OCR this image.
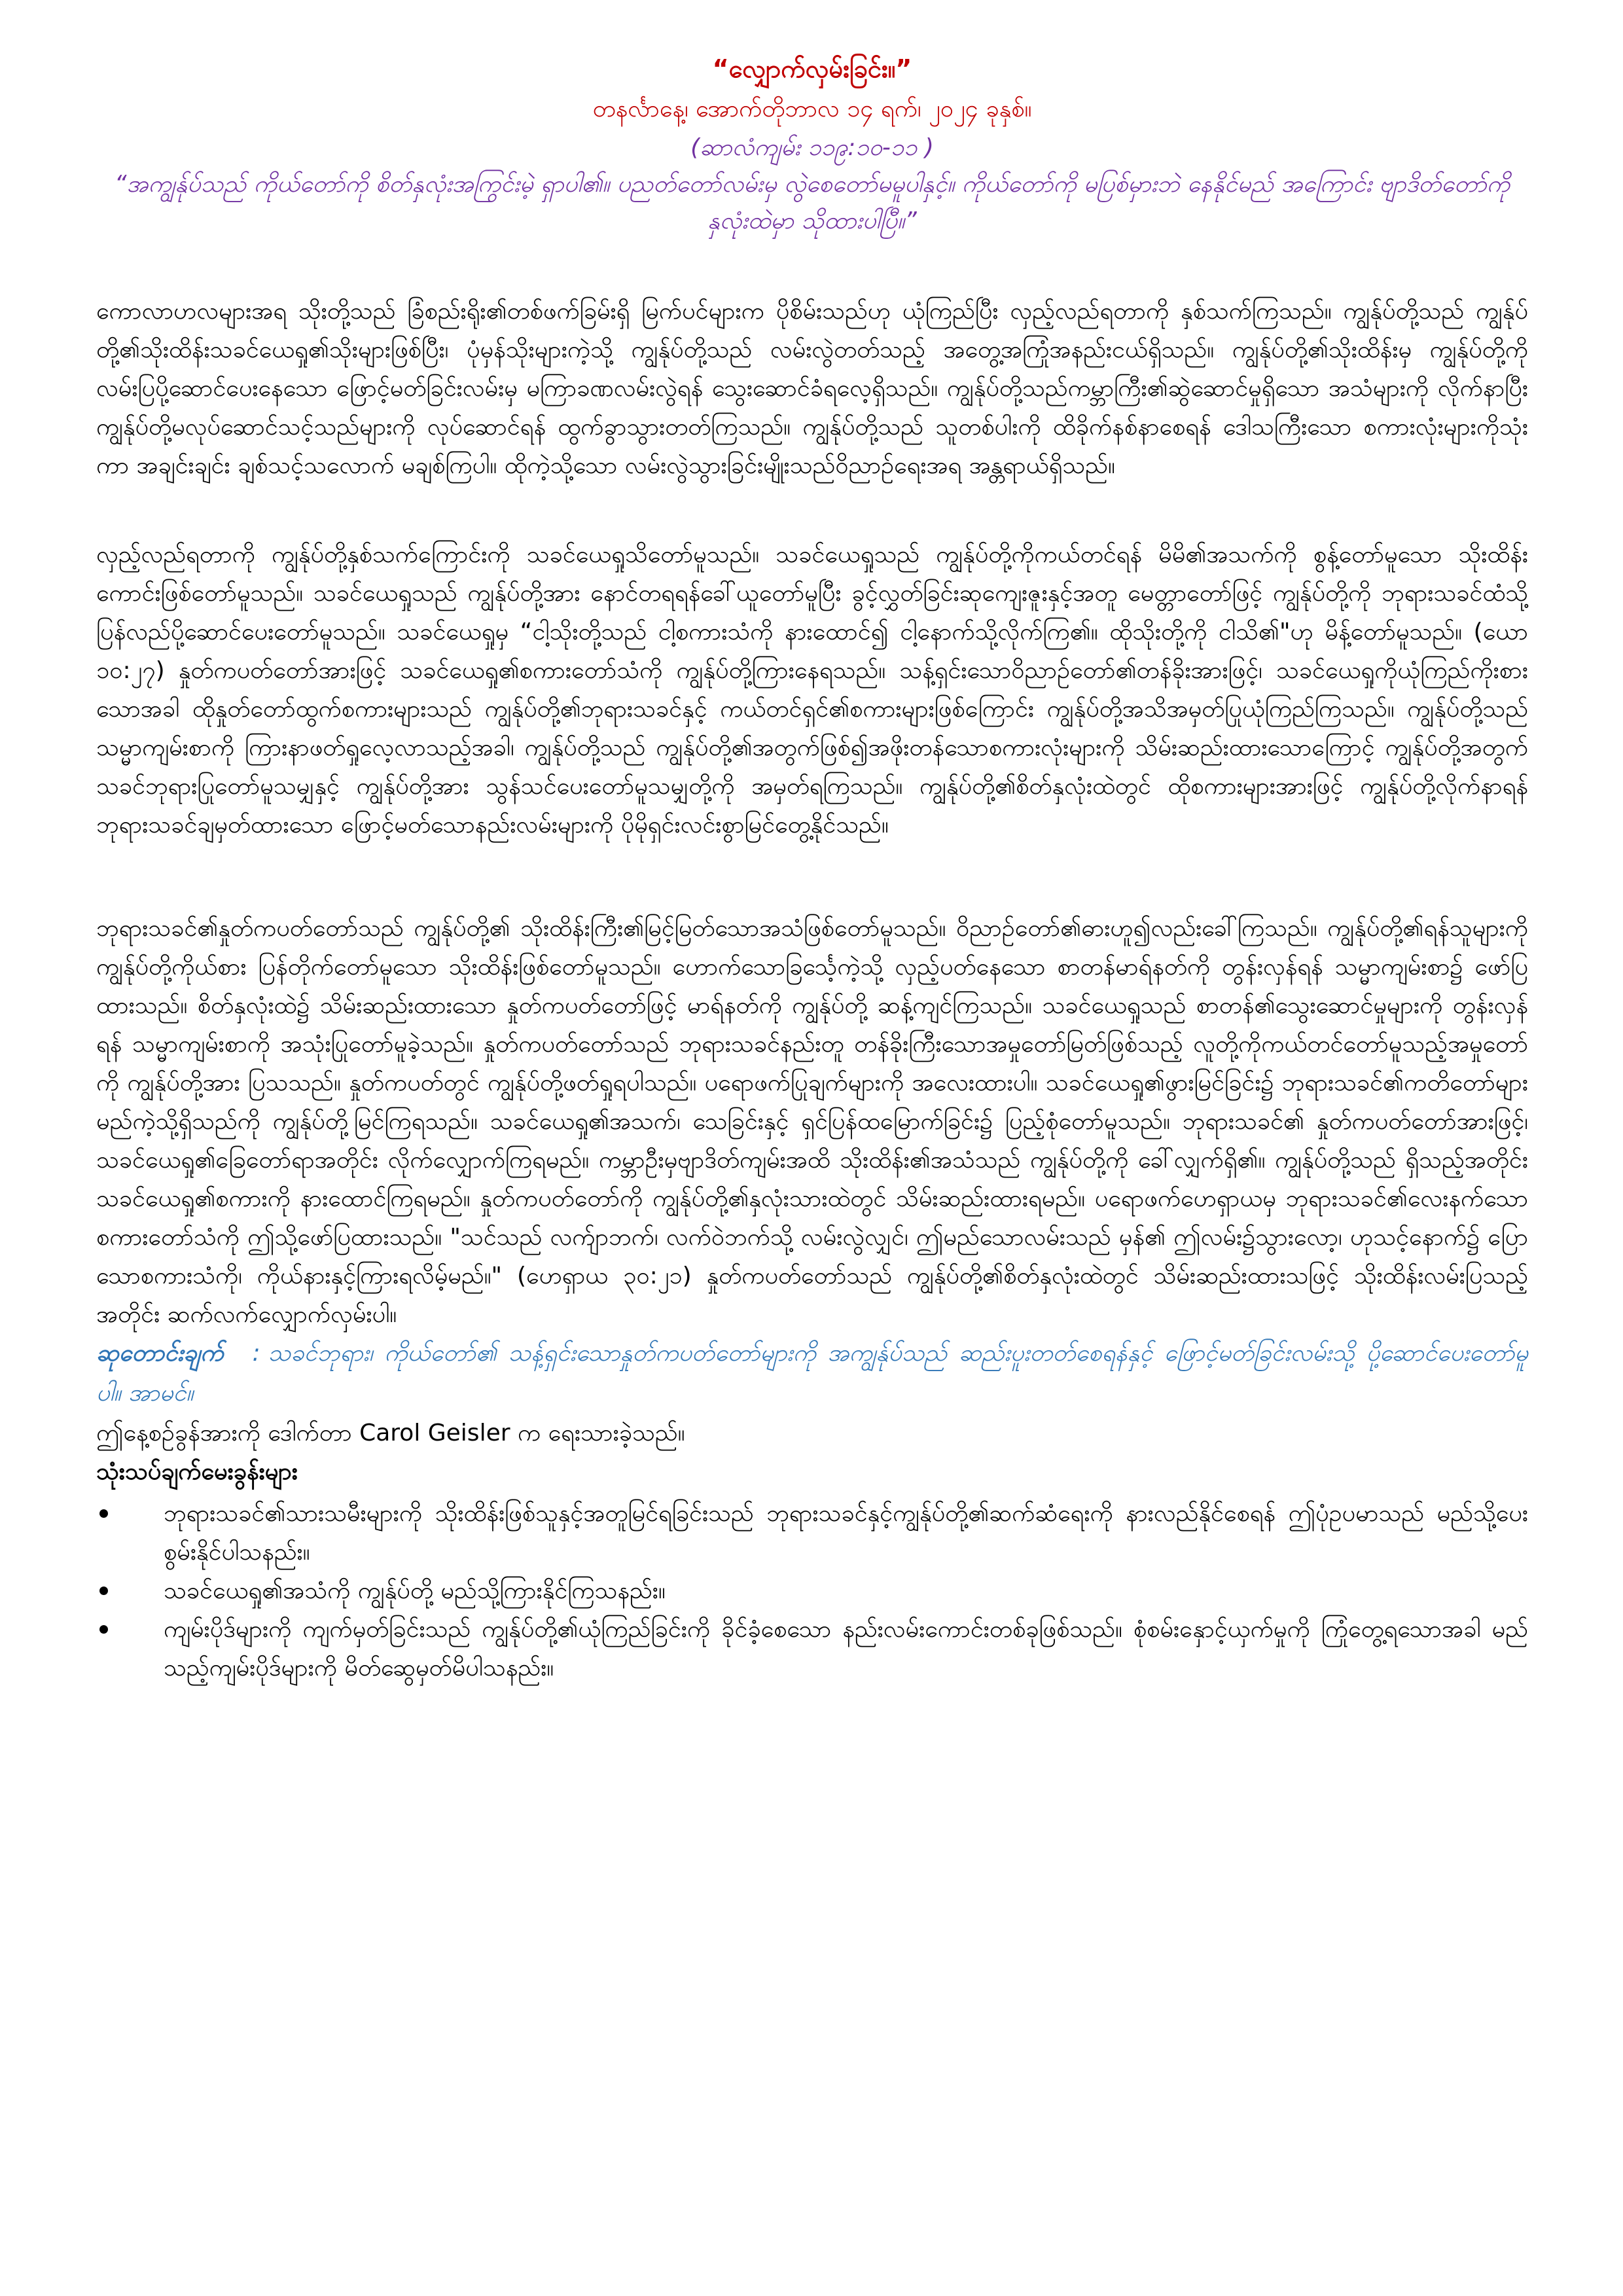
“လျှောက်လှမ်းခြင်း။”

တနင်္လာနေ့၊ အောက်တိုဘာလ ၁၄ ရက်၊ ၂၀၂၄ ခုနှစ်။

(ဆာလံကျမ်း ၁၁၉:၁၀-၁၁ )

“အကျွန်ုပ်သည် ကိုယ်တော်ကို စိတ်နှလုံးအကြွင်းမဲ့ ရှာပါ၏။ ပညတ်တော်လမ်းမှ လွဲစေတော်မမူပါနှင့်။ ကိုယ်တော်ကို မပြစ်မှားဘဲ နေနိုင်မည် အကြောင်း ဗျာဒိတ်တော်ကို နှလုံးထဲမှာ သိုထားပါပြီ။”

ကောလာဟလများအရ သိုးတို့သည် ခြံစည်းရိုး၏တစ်ဖက်ခြမ်းရှိ မြက်ပင်များက ပိုစိမ်းသည်ဟု ယုံကြည်ပြီး လှည့်လည်ရတာကို နှစ်သက်ကြသည်။ ကျွန်ုပ်တို့သည် ကျွန်ုပ်တို့၏သိုးထိန်းသခင်ယေရှု၏သိုးများဖြစ်ပြီး၊ ပုံမှန်သိုးများကဲ့သို့ ကျွန်ုပ်တို့သည် လမ်းလွဲတတ်သည့် အတွေ့အကြုံအနည်းငယ်ရှိသည်။ ကျွန်ုပ်တို့၏သိုးထိန်းမှ ကျွန်ုပ်တို့ကို လမ်းပြပို့ဆောင်ပေးနေသော ဖြောင့်မတ်ခြင်းလမ်းမှ မကြာခဏလမ်းလွဲရန် သွေးဆောင်ခံရလေ့ရှိသည်။ ကျွန်ုပ်တို့သည်ကမ္ဘာကြီး၏ဆွဲဆောင်မှုရှိသော အသံများကို လိုက်နာပြီး ကျွန်ုပ်တို့မလုပ်ဆောင်သင့်သည်များကို လုပ်ဆောင်ရန် ထွက်ခွာသွားတတ်ကြသည်။ ကျွန်ုပ်တို့သည် သူတစ်ပါးကို ထိခိုက်နစ်နာစေရန် ဒေါသကြီးသော စကားလုံးများကိုသုံးကာ အချင်းချင်း ချစ်သင့်သလောက် မချစ်ကြပါ။ ထိုကဲ့သို့သော လမ်းလွဲသွားခြင်းမျိုးသည်ဝိညာဉ်ရေးအရ အန္တရာယ်ရှိသည်။

လှည့်လည်ရတာကို ကျွန်ုပ်တို့နှစ်သက်ကြောင်းကို သခင်ယေရှုသိတော်မူသည်။ သခင်ယေရှုသည် ကျွန်ုပ်တို့ကိုကယ်တင်ရန် မိမိ၏အသက်ကို စွန့်တော်မူသော သိုးထိန်းကောင်းဖြစ်တော်မူသည်။ သခင်ယေရှုသည် ကျွန်ုပ်တို့အား နောင်တရရန်ခေါ်ယူတော်မူပြီး ခွင့်လွှတ်ခြင်းဆုကျေးဇူးနှင့်အတူ မေတ္တာတော်ဖြင့် ကျွန်ုပ်တို့ကို ဘုရားသခင်ထံသို့ ပြန်လည်ပို့ဆောင်ပေးတော်မူသည်။ သခင်ယေရှုမှ “ငါ့သိုးတို့သည် ငါ့စကားသံကို နားထောင်၍ ငါ့နောက်သို့လိုက်ကြ၏။ ထိုသိုးတို့ကို ငါသိ၏"ဟု မိန့်တော်မူသည်။ (ယော ၁၀:၂၇) နှုတ်ကပတ်တော်အားဖြင့် သခင်ယေရှု၏စကားတော်သံကို ကျွန်ုပ်တို့ကြားနေရသည်။ သန့်ရှင်းသောဝိညာဉ်တော်၏တန်ခိုးအားဖြင့်၊ သခင်ယေရှုကိုယုံကြည်ကိုးစားသောအခါ ထိုနှုတ်တော်ထွက်စကားများသည် ကျွန်ုပ်တို့၏ဘုရားသခင်နှင့် ကယ်တင်ရှင်၏စကားများဖြစ်ကြောင်း ကျွန်ုပ်တို့အသိအမှတ်ပြုယုံကြည်ကြသည်။ ကျွန်ုပ်တို့သည် သမ္မာကျမ်းစာကို ကြားနာဖတ်ရှုလေ့လာသည့်အခါ၊ ကျွန်ုပ်တို့သည် ကျွန်ုပ်တို့၏အတွက်ဖြစ်၍အဖိုးတန်သောစကားလုံးများကို သိမ်းဆည်းထားသောကြောင့် ကျွန်ုပ်တို့အတွက် သခင်ဘုရားပြုတော်မူသမျှနှင့် ကျွန်ုပ်တို့အား သွန်သင်ပေးတော်မူသမျှတို့ကို အမှတ်ရကြသည်။ ကျွန်ုပ်တို့၏စိတ်နှလုံးထဲတွင် ထိုစကားများအားဖြင့် ကျွန်ုပ်တို့လိုက်နာရန် ဘုရားသခင်ချမှတ်ထားသော ဖြောင့်မတ်သောနည်းလမ်းများကို ပိုမိုရှင်းလင်းစွာမြင်တွေ့နိုင်သည်။

ဘုရားသခင်၏နှုတ်ကပတ်တော်သည် ကျွန်ုပ်တို့၏ သိုးထိန်းကြီး၏မြင့်မြတ်သောအသံဖြစ်တော်မူသည်။ ဝိညာဉ်တော်၏ဓားဟူ၍လည်းခေါ်ကြသည်။ ကျွန်ုပ်တို့၏ရန်သူများကို ကျွန်ုပ်တို့ကိုယ်စား ပြန်တိုက်တော်မူသော သိုးထိန်းဖြစ်တော်မူသည်။ ဟောက်သောခြင်္သေ့ကဲ့သို့ လှည့်ပတ်နေသော စာတန်မာရ်နတ်ကို တွန်းလှန်ရန် သမ္မာကျမ်းစာ၌ ဖော်ပြထားသည်။ စိတ်နှလုံးထဲ၌ သိမ်းဆည်းထားသော နှုတ်ကပတ်တော်ဖြင့် မာရ်နတ်ကို ကျွန်ုပ်တို့ ဆန့်ကျင်ကြသည်။ သခင်ယေရှုသည် စာတန်၏သွေးဆောင်မှုများကို တွန်းလှန်ရန် သမ္မာကျမ်းစာကို အသုံးပြုတော်မူခဲ့သည်။ နှုတ်ကပတ်တော်သည် ဘုရားသခင်နည်းတူ တန်ခိုးကြီးသောအမှုတော်မြတ်ဖြစ်သည့် လူတို့ကိုကယ်တင်တော်မူသည့်အမှုတော်ကို ကျွန်ုပ်တို့အား ပြသသည်။ နှုတ်ကပတ်တွင် ကျွန်ုပ်တို့ဖတ်ရှုရပါသည်။ ပရောဖက်ပြုချက်များကို အလေးထားပါ။ သခင်ယေရှု၏ဖွားမြင်ခြင်း၌ ဘုရားသခင်၏ကတိတော်များ မည်ကဲ့သို့ရှိသည်ကို ကျွန်ုပ်တို့မြင်ကြရသည်။ သခင်ယေရှု၏အသက်၊ သေခြင်းနှင့် ရှင်ပြန်ထမြောက်ခြင်း၌ ပြည့်စုံတော်မူသည်။ ဘုရားသခင်၏ နှုတ်ကပတ်တော်အားဖြင့်၊ သခင်ယေရှု၏ခြေတော်ရာအတိုင်း လိုက်လျှောက်ကြရမည်။ ကမ္ဘာဦးမှဗျာဒိတ်ကျမ်းအထိ သိုးထိန်း၏အသံသည် ကျွန်ုပ်တို့ကို ခေါ်လျှက်ရှိ၏။ ကျွန်ုပ်တို့သည် ရှိသည့်အတိုင်းသခင်ယေရှု၏စကားကို နားထောင်ကြရမည်။ နှုတ်ကပတ်တော်ကို ကျွန်ုပ်တို့၏နှလုံးသားထဲတွင် သိမ်းဆည်းထားရမည်။ ပရောဖက်ဟေရှာယမှ ဘုရားသခင်၏လေးနက်သော စကားတော်သံကို ဤသို့ဖော်ပြထားသည်။ "သင်သည် လက်ျာဘက်၊ လက်ဝဲဘက်သို့ လမ်းလွဲလျှင်၊ ဤမည်သောလမ်းသည် မှန်၏ ဤလမ်း၌သွားလော့၊ ဟုသင့်နောက်၌ ပြောသောစကားသံကို၊ ကိုယ်နားနှင့်ကြားရလိမ့်မည်။" (ဟေရှာယ ၃၀:၂၁) နှုတ်ကပတ်တော်သည် ကျွန်ုပ်တို့၏စိတ်နှလုံးထဲတွင် သိမ်းဆည်းထားသဖြင့် သိုးထိန်းလမ်းပြသည့်အတိုင်း ဆက်လက်လျှောက်လှမ်းပါ။

ဆုတောင်းချက် : သခင်ဘုရား၊ ကိုယ်တော်၏ သန့်ရှင်းသောနှုတ်ကပတ်တော်များကို အကျွန်ုပ်သည် ဆည်းပူးတတ်စေရန်နှင့် ဖြောင့်မတ်ခြင်းလမ်းသို့ ပို့ဆောင်ပေးတော်မူပါ။ အာမင်။

ဤနေ့စဉ်ခွန်အားကို ဒေါက်တာ Carol Geisler က ရေးသားခဲ့သည်။

သုံးသပ်ချက်မေးခွန်းများ
ဘုရားသခင်၏သားသမီးများကို သိုးထိန်းဖြစ်သူနှင့်အတူမြင်ရခြင်းသည် ဘုရားသခင်နှင့်ကျွန်ုပ်တို့၏ဆက်ဆံရေးကို နားလည်နိုင်စေရန် ဤပုံဥပမာသည် မည်သို့ပေးစွမ်းနိုင်ပါသနည်း။
သခင်ယေရှု၏အသံကို ကျွန်ုပ်တို့ မည်သို့ကြားနိုင်ကြသနည်း။
ကျမ်းပိုဒ်များကို ကျက်မှတ်ခြင်းသည် ကျွန်ုပ်တို့၏ယုံကြည်ခြင်းကို ခိုင်ခံ့စေသော နည်းလမ်းကောင်းတစ်ခုဖြစ်သည်။ စုံစမ်းနှောင့်ယှက်မှုကို ကြုံတွေ့ရသောအခါ မည်သည့်ကျမ်းပိုဒ်များကို မိတ်ဆွေမှတ်မိပါသနည်း။
